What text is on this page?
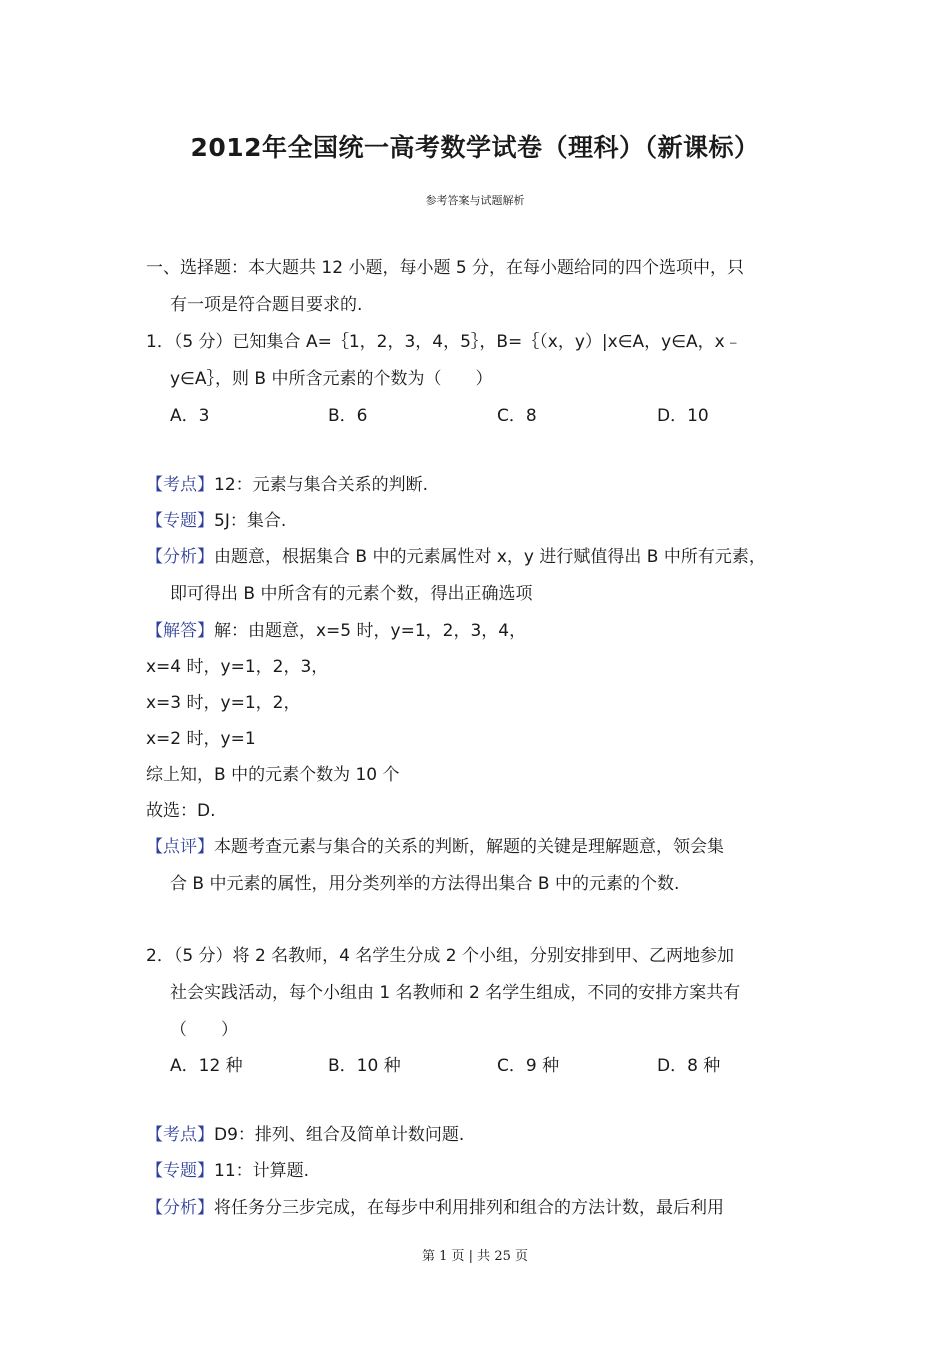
2012年全国统一高考数学试卷（理科）（新课标）
参考答案与试题解析
一、选择题：本大题共 12 小题，每小题 5 分，在每小题给同的四个选项中，只
有一项是符合题目要求的.
1．（5 分）已知集合 A=｛1，2，3，4，5｝，B=｛（x，y）|x∈A，y∈A，x﹣
y∈A｝，则 B 中所含元素的个数为（　　）
A．3	B．6	C．8	D．10
【考点】12：元素与集合关系的判断.
【专题】5J：集合.
【分析】由题意，根据集合 B 中的元素属性对 x，y 进行赋值得出 B 中所有元素，
即可得出 B 中所含有的元素个数，得出正确选项
【解答】解：由题意，x=5 时，y=1，2，3，4，
x=4 时，y=1，2，3，
x=3 时，y=1，2，
x=2 时，y=1
综上知，B 中的元素个数为 10 个
故选：D.
【点评】本题考查元素与集合的关系的判断，解题的关键是理解题意，领会集
合 B 中元素的属性，用分类列举的方法得出集合 B 中的元素的个数.
2．（5 分）将 2 名教师，4 名学生分成 2 个小组，分别安排到甲、乙两地参加
社会实践活动，每个小组由 1 名教师和 2 名学生组成，不同的安排方案共有
（　　）
A．12 种	B．10 种	C．9 种	D．8 种
【考点】D9：排列、组合及简单计数问题.
【专题】11：计算题.
【分析】将任务分三步完成，在每步中利用排列和组合的方法计数，最后利用
第 1 页 | 共 25 页
